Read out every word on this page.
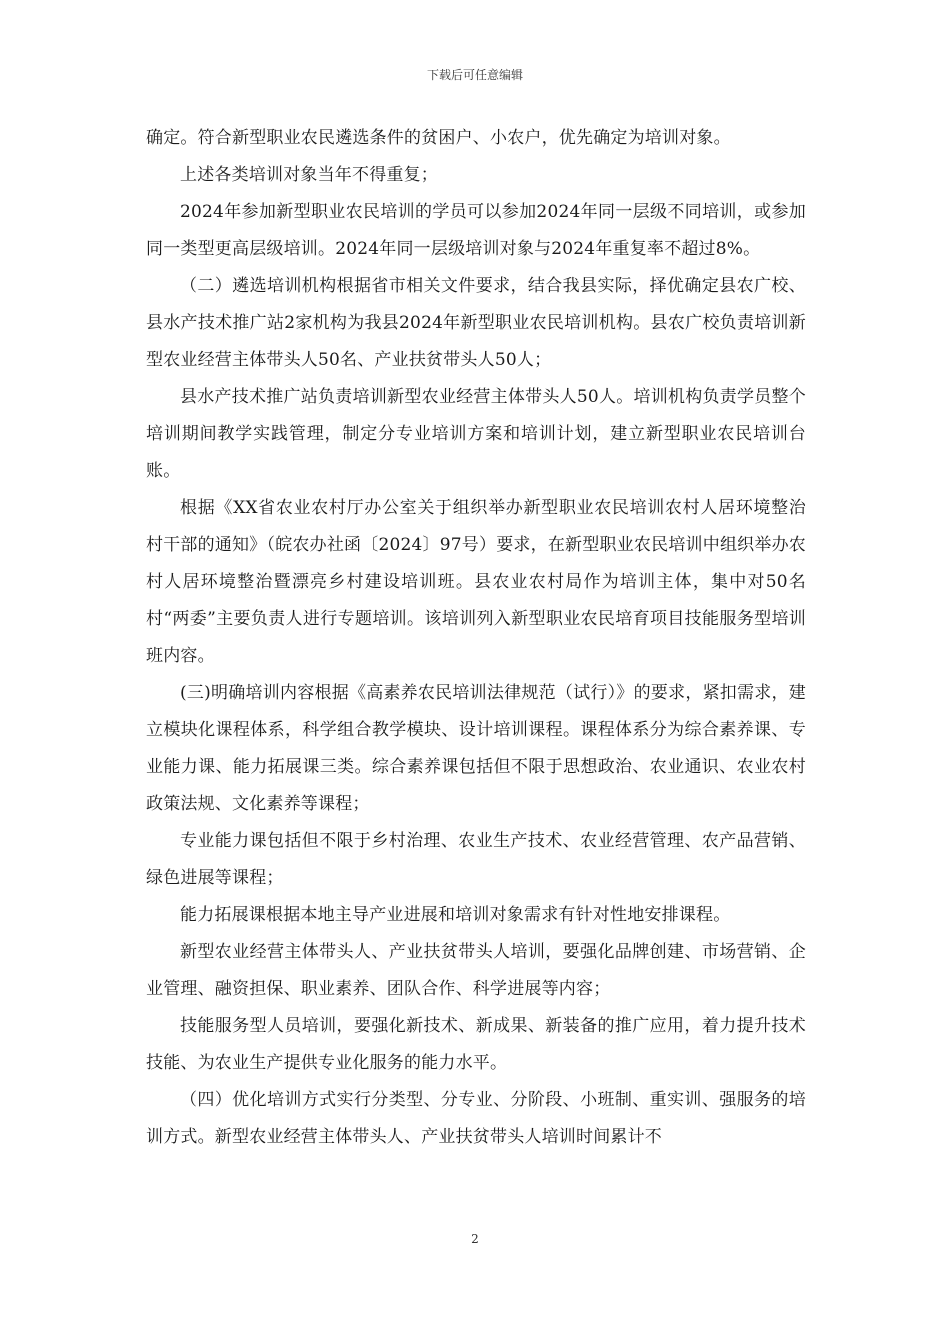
下载后可任意编辑

确定。符合新型职业农民遴选条件的贫困户、小农户，优先确定为培训对象。

上述各类培训对象当年不得重复；

2024年参加新型职业农民培训的学员可以参加2024年同一层级不同培训，或参加同一类型更高层级培训。2024年同一层级培训对象与2024年重复率不超过8%。

（二）遴选培训机构根据省市相关文件要求，结合我县实际，择优确定县农广校、县水产技术推广站2家机构为我县2024年新型职业农民培训机构。县农广校负责培训新型农业经营主体带头人50名、产业扶贫带头人50人；

县水产技术推广站负责培训新型农业经营主体带头人50人。培训机构负责学员整个培训期间教学实践管理，制定分专业培训方案和培训计划，建立新型职业农民培训台账。

根据《XX省农业农村厅办公室关于组织举办新型职业农民培训农村人居环境整治村干部的通知》（皖农办社函〔2024〕97号）要求，在新型职业农民培训中组织举办农村人居环境整治暨漂亮乡村建设培训班。县农业农村局作为培训主体，集中对50名村“两委”主要负责人进行专题培训。该培训列入新型职业农民培育项目技能服务型培训班内容。

(三)明确培训内容根据《高素养农民培训法律规范（试行）》的要求，紧扣需求，建立模块化课程体系，科学组合教学模块、设计培训课程。课程体系分为综合素养课、专业能力课、能力拓展课三类。综合素养课包括但不限于思想政治、农业通识、农业农村政策法规、文化素养等课程；

专业能力课包括但不限于乡村治理、农业生产技术、农业经营管理、农产品营销、绿色进展等课程；

能力拓展课根据本地主导产业进展和培训对象需求有针对性地安排课程。

新型农业经营主体带头人、产业扶贫带头人培训，要强化品牌创建、市场营销、企业管理、融资担保、职业素养、团队合作、科学进展等内容；

技能服务型人员培训，要强化新技术、新成果、新装备的推广应用，着力提升技术技能、为农业生产提供专业化服务的能力水平。

（四）优化培训方式实行分类型、分专业、分阶段、小班制、重实训、强服务的培训方式。新型农业经营主体带头人、产业扶贫带头人培训时间累计不

2
